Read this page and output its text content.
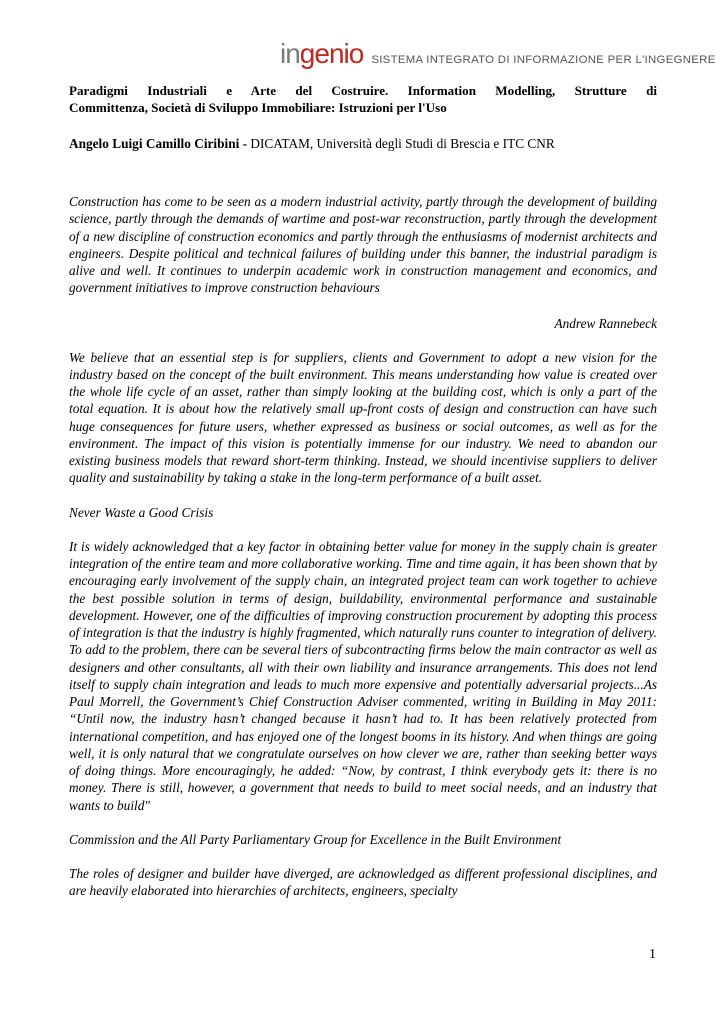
ingenio SISTEMA INTEGRATO DI INFORMAZIONE PER L'INGEGNERE

Paradigmi Industriali e Arte del Costruire. Information Modelling, Strutture di
Committenza, Società di Sviluppo Immobiliare: Istruzioni per l'Uso

Angelo Luigi Camillo Ciribini - DICATAM, Università degli Studi di Brescia e ITC CNR

Construction has come to be seen as a modern industrial activity, partly through the development of building science, partly through the demands of wartime and post-war reconstruction, partly through the development of a new discipline of construction economics and partly through the enthusiasms of modernist architects and engineers. Despite political and technical failures of building under this banner, the industrial paradigm is alive and well. It continues to underpin academic work in construction management and economics, and government initiatives to improve construction behaviours

Andrew Rannebeck

We believe that an essential step is for suppliers, clients and Government to adopt a new vision for the industry based on the concept of the built environment. This means understanding how value is created over the whole life cycle of an asset, rather than simply looking at the building cost, which is only a part of the total equation. It is about how the relatively small up-front costs of design and construction can have such huge consequences for future users, whether expressed as business or social outcomes, as well as for the environment. The impact of this vision is potentially immense for our industry. We need to abandon our existing business models that reward short-term thinking. Instead, we should incentivise suppliers to deliver quality and sustainability by taking a stake in the long-term performance of a built asset.

Never Waste a Good Crisis

It is widely acknowledged that a key factor in obtaining better value for money in the supply chain is greater integration of the entire team and more collaborative working. Time and time again, it has been shown that by encouraging early involvement of the supply chain, an integrated project team can work together to achieve the best possible solution in terms of design, buildability, environmental performance and sustainable development. However, one of the difficulties of improving construction procurement by adopting this process of integration is that the industry is highly fragmented, which naturally runs counter to integration of delivery. To add to the problem, there can be several tiers of subcontracting firms below the main contractor as well as designers and other consultants, all with their own liability and insurance arrangements. This does not lend itself to supply chain integration and leads to much more expensive and potentially adversarial projects...As Paul Morrell, the Government’s Chief Construction Adviser commented, writing in Building in May 2011: “Until now, the industry hasn’t changed because it hasn’t had to. It has been relatively protected from international competition, and has enjoyed one of the longest booms in its history. And when things are going well, it is only natural that we congratulate ourselves on how clever we are, rather than seeking better ways of doing things. More encouragingly, he added: “Now, by contrast, I think everybody gets it: there is no money. There is still, however, a government that needs to build to meet social needs, and an industry that wants to build"

Commission and the All Party Parliamentary Group for Excellence in the Built Environment

The roles of designer and builder have diverged, are acknowledged as different professional disciplines, and are heavily elaborated into hierarchies of architects, engineers, specialty

1
